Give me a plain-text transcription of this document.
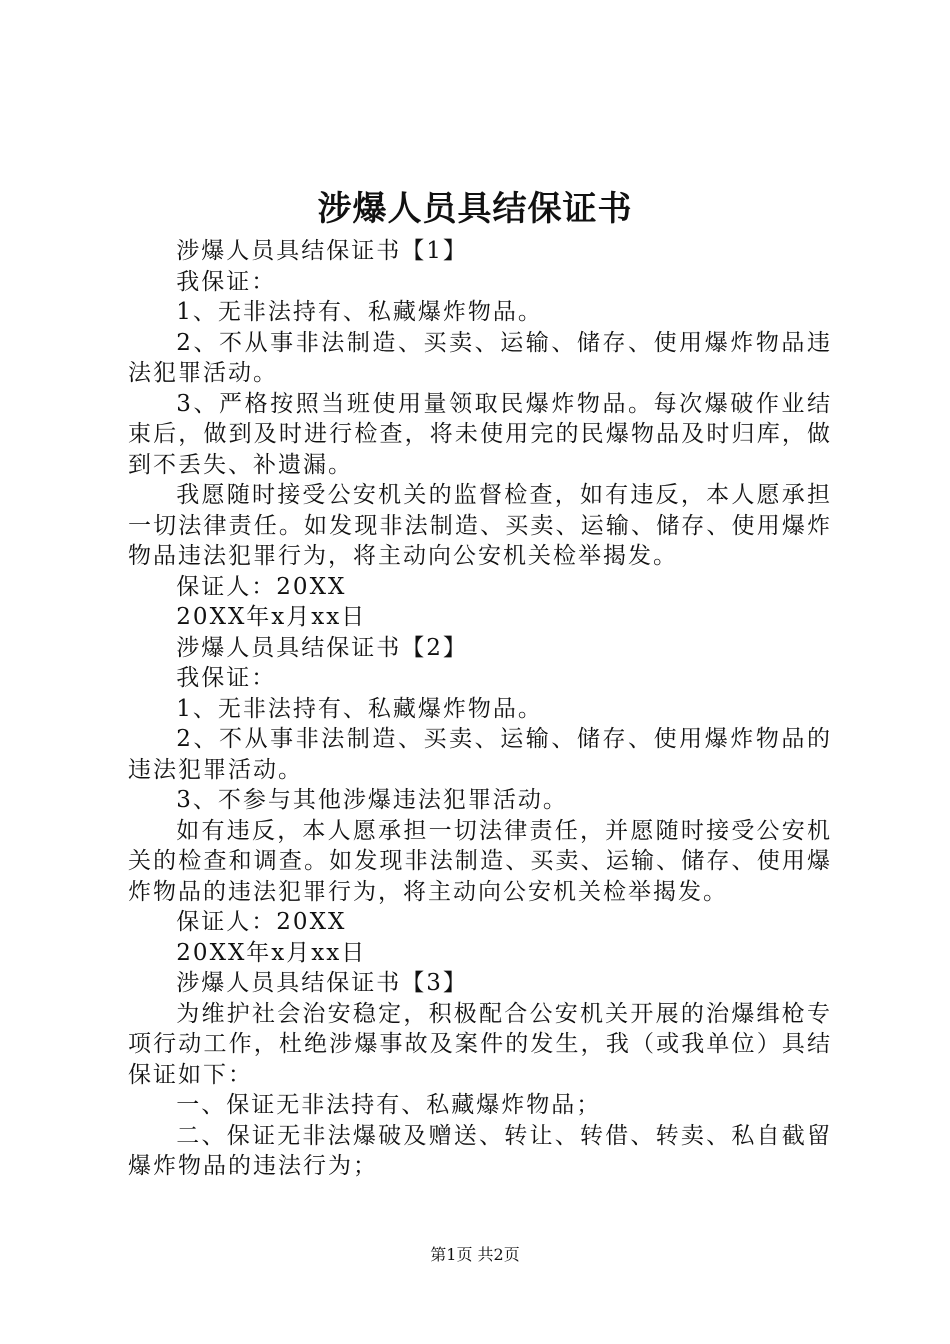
涉爆人员具结保证书

涉爆人员具结保证书【1】

我保证：

1、无非法持有、私藏爆炸物品。

2、不从事非法制造、买卖、运输、储存、使用爆炸物品违法犯罪活动。

3、严格按照当班使用量领取民爆炸物品。每次爆破作业结束后，做到及时进行检查，将未使用完的民爆物品及时归库，做到不丢失、补遗漏。

我愿随时接受公安机关的监督检查，如有违反，本人愿承担一切法律责任。如发现非法制造、买卖、运输、储存、使用爆炸物品违法犯罪行为，将主动向公安机关检举揭发。

保证人：20XX

20XX年x月xx日

涉爆人员具结保证书【2】

我保证：

1、无非法持有、私藏爆炸物品。

2、不从事非法制造、买卖、运输、储存、使用爆炸物品的违法犯罪活动。

3、不参与其他涉爆违法犯罪活动。

如有违反，本人愿承担一切法律责任，并愿随时接受公安机关的检查和调查。如发现非法制造、买卖、运输、储存、使用爆炸物品的违法犯罪行为，将主动向公安机关检举揭发。

保证人：20XX

20XX年x月xx日

涉爆人员具结保证书【3】

为维护社会治安稳定，积极配合公安机关开展的治爆缉枪专项行动工作，杜绝涉爆事故及案件的发生，我（或我单位）具结保证如下：

一、保证无非法持有、私藏爆炸物品；

二、保证无非法爆破及赠送、转让、转借、转卖、私自截留爆炸物品的违法行为；

第1页 共2页
